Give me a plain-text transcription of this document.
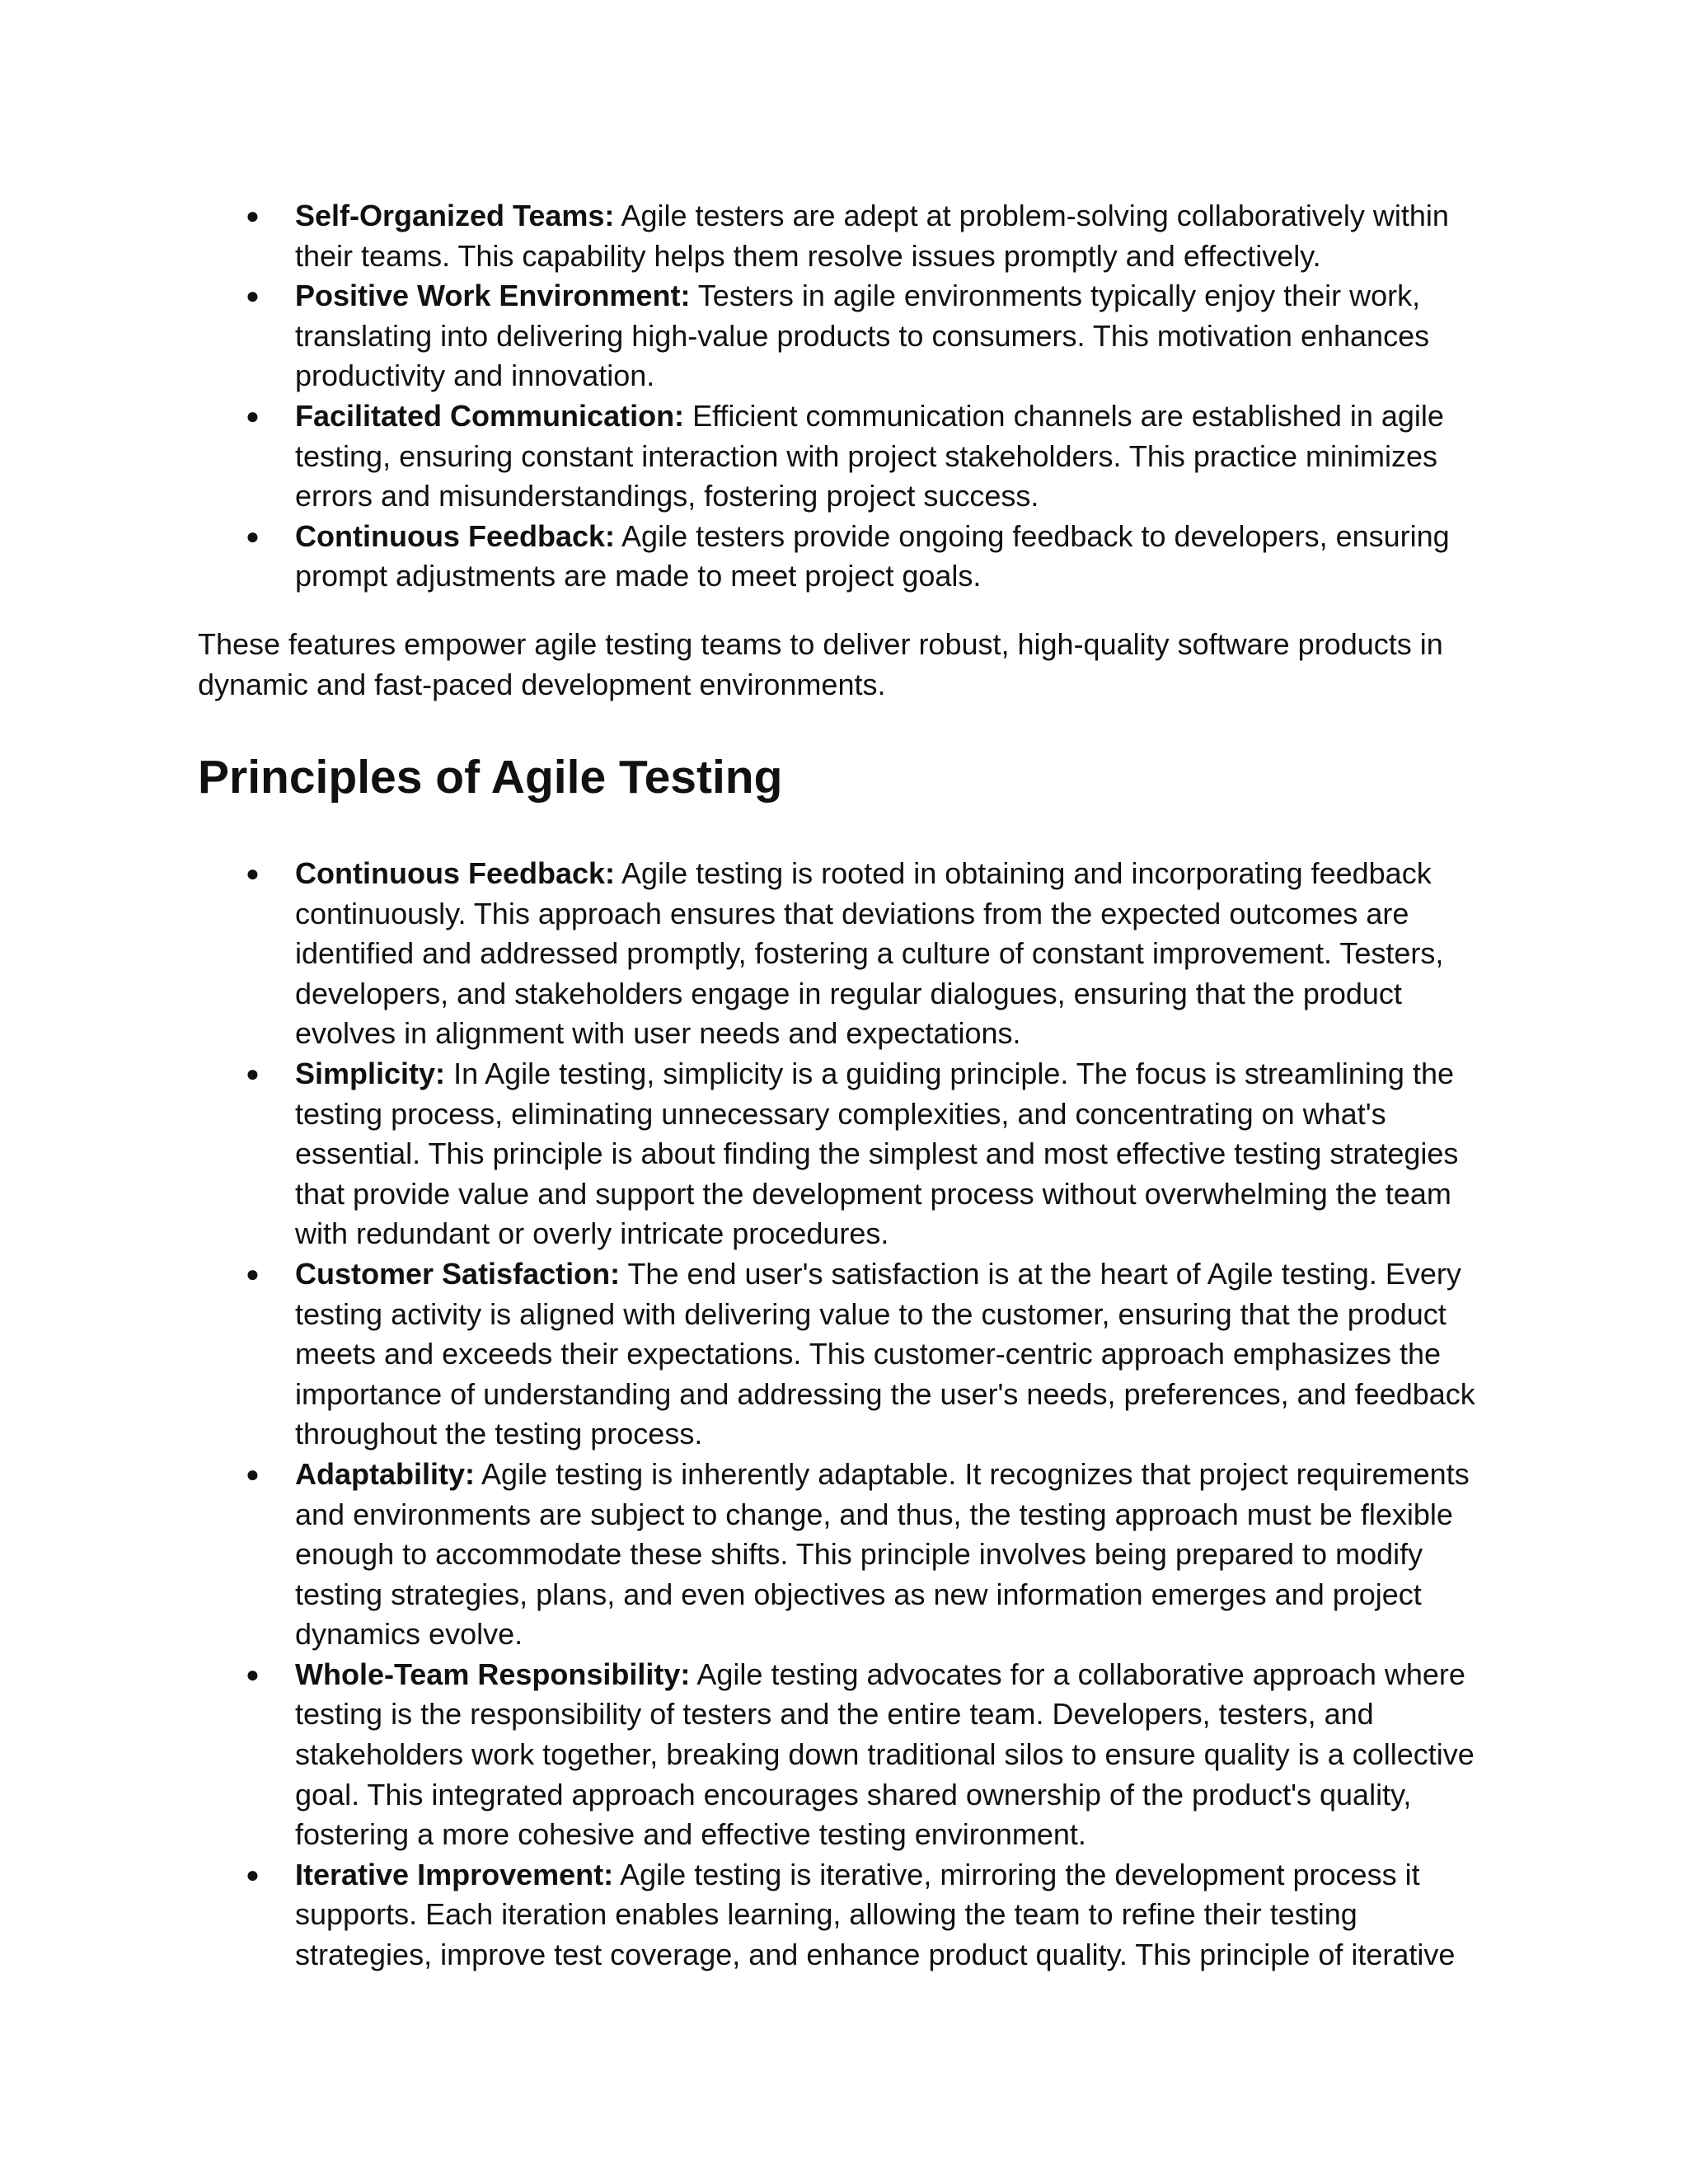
● Self-Organized Teams: Agile testers are adept at problem-solving collaboratively within their teams. This capability helps them resolve issues promptly and effectively.
● Positive Work Environment: Testers in agile environments typically enjoy their work, translating into delivering high-value products to consumers. This motivation enhances productivity and innovation.
● Facilitated Communication: Efficient communication channels are established in agile testing, ensuring constant interaction with project stakeholders. This practice minimizes errors and misunderstandings, fostering project success.
● Continuous Feedback: Agile testers provide ongoing feedback to developers, ensuring prompt adjustments are made to meet project goals.

These features empower agile testing teams to deliver robust, high-quality software products in dynamic and fast-paced development environments.

Principles of Agile Testing
● Continuous Feedback: Agile testing is rooted in obtaining and incorporating feedback continuously. This approach ensures that deviations from the expected outcomes are identified and addressed promptly, fostering a culture of constant improvement. Testers, developers, and stakeholders engage in regular dialogues, ensuring that the product evolves in alignment with user needs and expectations.
● Simplicity: In Agile testing, simplicity is a guiding principle. The focus is streamlining the testing process, eliminating unnecessary complexities, and concentrating on what's essential. This principle is about finding the simplest and most effective testing strategies that provide value and support the development process without overwhelming the team with redundant or overly intricate procedures.
● Customer Satisfaction: The end user's satisfaction is at the heart of Agile testing. Every testing activity is aligned with delivering value to the customer, ensuring that the product meets and exceeds their expectations. This customer-centric approach emphasizes the importance of understanding and addressing the user's needs, preferences, and feedback throughout the testing process.
● Adaptability: Agile testing is inherently adaptable. It recognizes that project requirements and environments are subject to change, and thus, the testing approach must be flexible enough to accommodate these shifts. This principle involves being prepared to modify testing strategies, plans, and even objectives as new information emerges and project dynamics evolve.
● Whole-Team Responsibility: Agile testing advocates for a collaborative approach where testing is the responsibility of testers and the entire team. Developers, testers, and stakeholders work together, breaking down traditional silos to ensure quality is a collective goal. This integrated approach encourages shared ownership of the product's quality, fostering a more cohesive and effective testing environment.
● Iterative Improvement: Agile testing is iterative, mirroring the development process it supports. Each iteration enables learning, allowing the team to refine their testing strategies, improve test coverage, and enhance product quality. This principle of iterative
